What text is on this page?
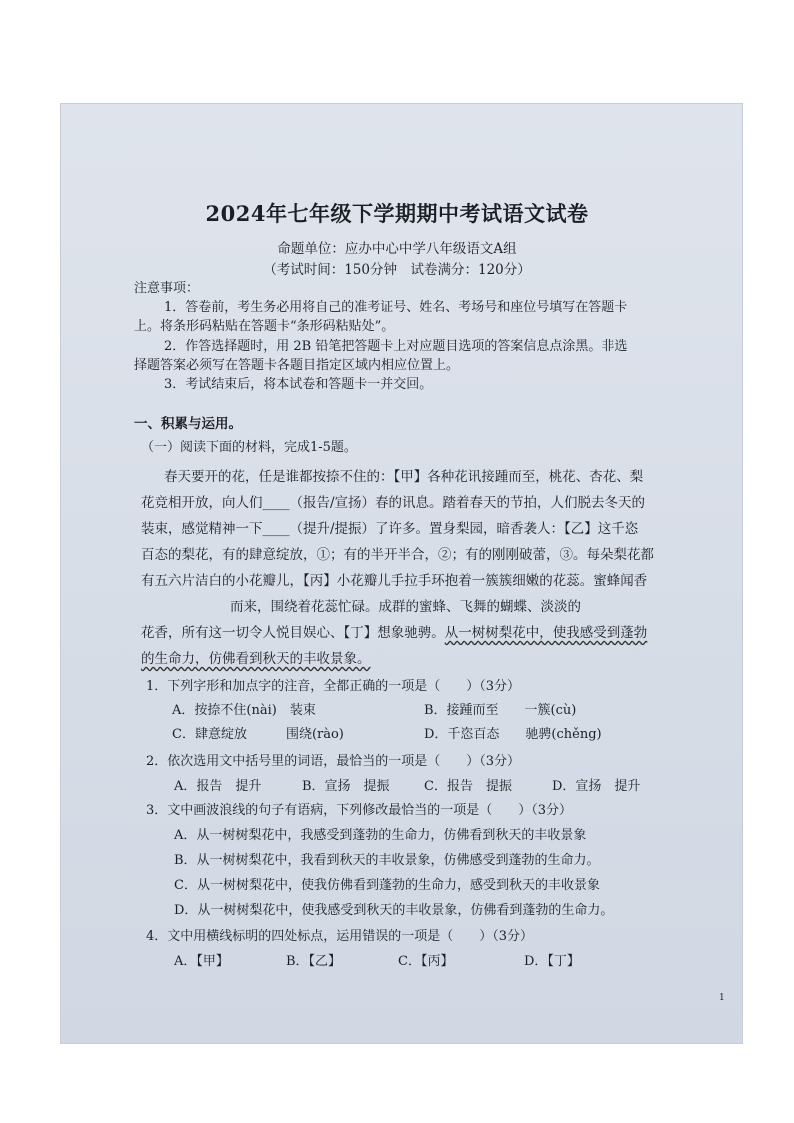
2024年七年级下学期期中考试语文试卷
命题单位：应办中心中学八年级语文A组
（考试时间：150分钟　试卷满分：120分）
注意事项：
1．答卷前，考生务必用将自己的准考证号、姓名、考场号和座位号填写在答题卡
上。将条形码粘贴在答题卡“条形码粘贴处”。
2．作答选择题时，用 2B 铅笔把答题卡上对应题目选项的答案信息点涂黑。非选
择题答案必须写在答题卡各题目指定区域内相应位置上。
3．考试结束后，将本试卷和答题卡一并交回。
一、积累与运用。
（一）阅读下面的材料，完成1-5题。
春天要开的花，任是谁都按捺不住的：【甲】各种花讯接踵而至，桃花、杏花、梨
花竞相开放，向人们____（报告/宣扬）春的讯息。踏着春天的节拍，人们脱去冬天的
装束，感觉精神一下____（提升/提振）了许多。置身梨园，暗香袭人：【乙】这千恣
百态的梨花，有的肆意绽放，①；有的半开半合，②；有的刚刚破蕾，③。每朵梨花都
有五六片洁白的小花瓣儿，【丙】小花瓣儿手拉手环抱着一簇簇细嫩的花蕊。蜜蜂闻香
而来，围绕着花蕊忙碌。成群的蜜蜂、飞舞的蝴蝶、淡淡的
花香，所有这一切令人悦目娱心、【丁】想象驰骋。从一树树梨花中，使我感受到蓬勃
的生命力，仿佛看到秋天的丰收景象。
1．下列字形和加点字的注音，全都正确的一项是（　　）（3分）
A．按捺不住(nài)　装束	B．接踵而至　　一簇(cù)
C．肆意绽放　　　围绕(rào)	D．千恣百态　　驰骋(chěng)
2．依次选用文中括号里的词语，最恰当的一项是（　　）（3分）
A．报告　提升	B．宣扬　提振	C．报告　提振	D．宣扬　提升
3．文中画波浪线的句子有语病，下列修改最恰当的一项是（　　）（3分）
A．从一树树梨花中，我感受到蓬勃的生命力，仿佛看到秋天的丰收景象
B．从一树树梨花中，我看到秋天的丰收景象，仿佛感受到蓬勃的生命力。
C．从一树树梨花中，使我仿佛看到蓬勃的生命力，感受到秋天的丰收景象
D．从一树树梨花中，使我感受到秋天的丰收景象，仿佛看到蓬勃的生命力。
4．文中用横线标明的四处标点，运用错误的一项是（　　）（3分）
A．【甲】	B．【乙】	C．【丙】	D．【丁】
1
